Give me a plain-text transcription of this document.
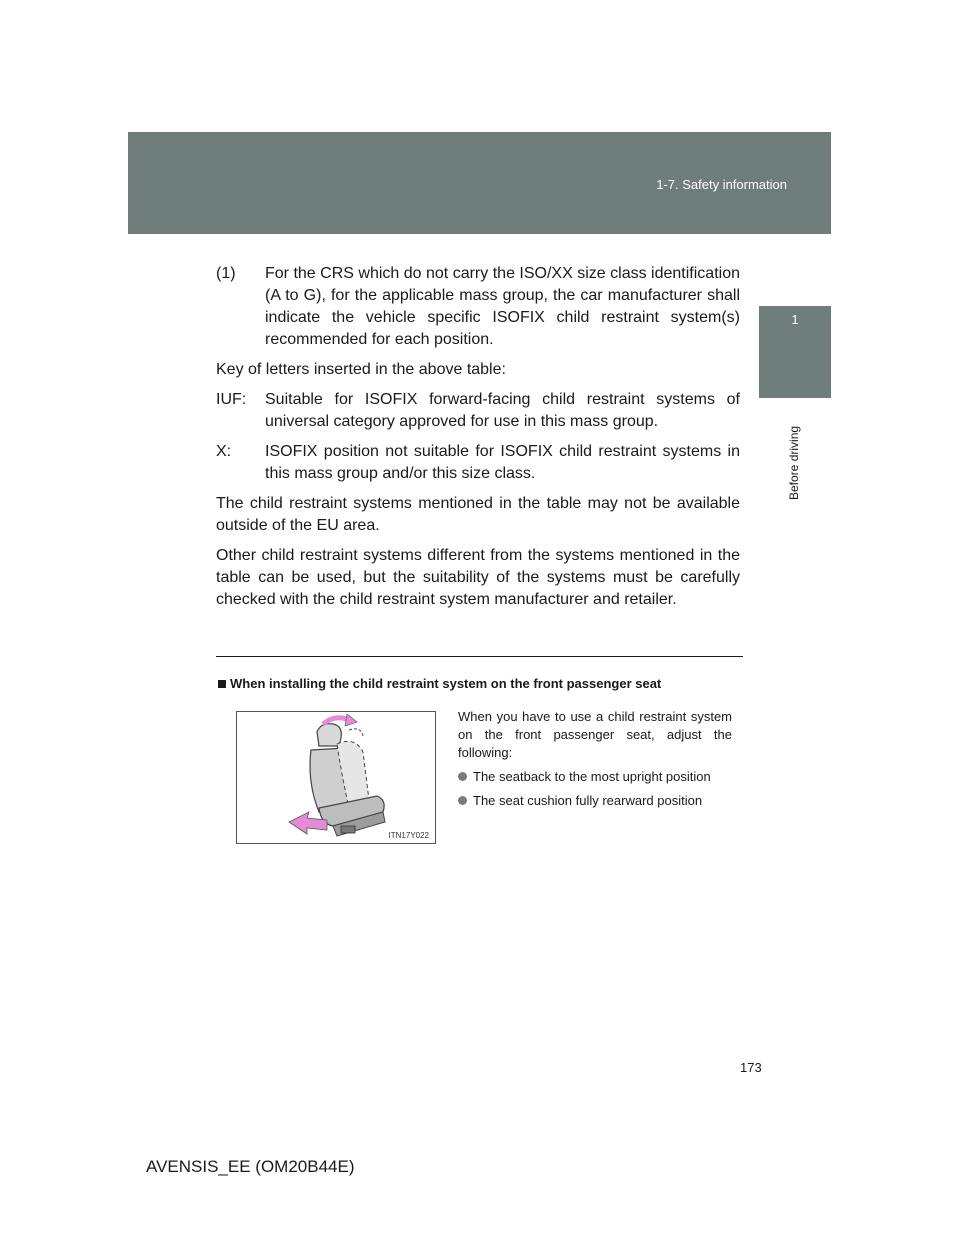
1-7. Safety information
1
Before driving
(1)	For the CRS which do not carry the ISO/XX size class identification (A to G), for the applicable mass group, the car manufacturer shall indicate the vehicle specific ISOFIX child restraint system(s) recommended for each position.

Key of letters inserted in the above table:

IUF:	Suitable for ISOFIX forward-facing child restraint systems of universal category approved for use in this mass group.
X:	ISOFIX position not suitable for ISOFIX child restraint systems in this mass group and/or this size class.

The child restraint systems mentioned in the table may not be available outside of the EU area.

Other child restraint systems different from the systems mentioned in the table can be used, but the suitability of the systems must be carefully checked with the child restraint system manufacturer and retailer.

When installing the child restraint system on the front passenger seat
ITN17Y022

When you have to use a child restraint system on the front passenger seat, adjust the following:

The seatback to the most upright position
The seat cushion fully rearward position
173
AVENSIS_EE (OM20B44E)
